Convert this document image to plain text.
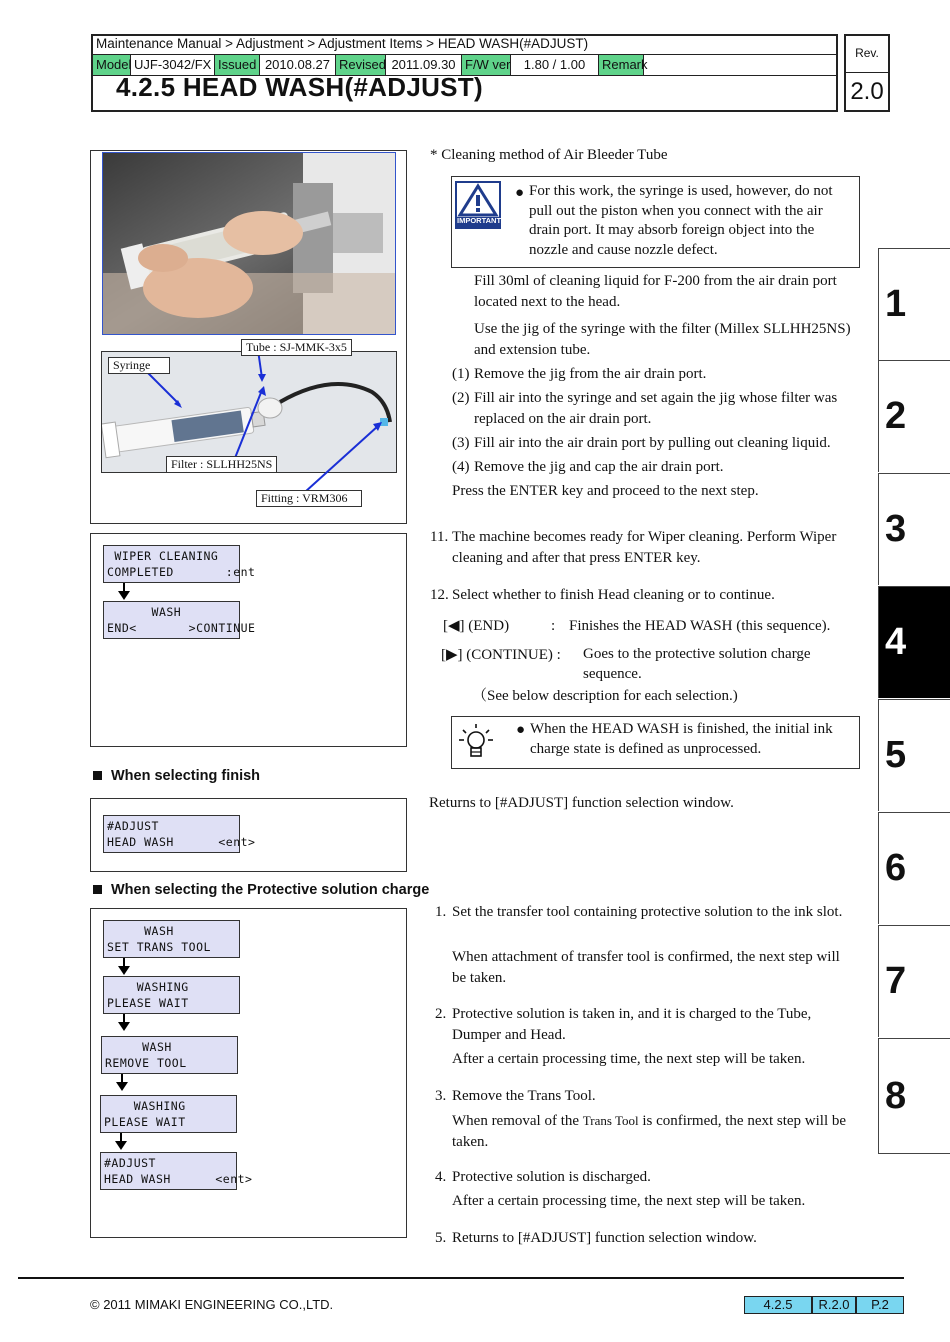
Maintenance Manual > Adjustment > Adjustment Items > HEAD WASH(#ADJUST)
Model UJF-3042/FX Issued 2010.08.27 Revised 2011.09.30 F/W ver	1.80 / 1.00	Remark
4.2.5 HEAD WASH(#ADJUST)
Rev.
2.0
1
2
3
4
5
6
7
8
Tube : SJ-MMK-3x5
Syringe
Filter : SLLHH25NS
Fitting : VRM306
WIPER CLEANING
COMPLETED       :ent
WASH
END<       >CONTINUE
When selecting finish
#ADJUST
HEAD WASH      <ent>
When selecting the Protective solution charge
WASH
SET TRANS TOOL
WASHING
PLEASE WAIT
WASH
REMOVE TOOL
WASHING
PLEASE WAIT
#ADJUST
HEAD WASH      <ent>
* Cleaning method of Air Bleeder Tube
IMPORTANT
● For this work, the syringe is used, however, do not pull out the piston when you connect with the air drain port. It may absorb foreign object into the nozzle and cause nozzle defect.
Fill 30ml of cleaning liquid for F-200 from the air drain port located next to the head.
Use the jig of the syringe with the filter (Millex SLLHH25NS) and extension tube.
(1) Remove the jig from the air drain port.
(2) Fill air into the syringe and set again the jig whose filter was replaced on the air drain port.
(3) Fill air into the air drain port by pulling out cleaning liquid.
(4) Remove the jig and cap the air drain port.
Press the ENTER key and proceed to the next step.
11. The machine becomes ready for Wiper cleaning. Perform Wiper cleaning and after that press ENTER key.
12. Select whether to finish Head cleaning or to continue.
[◀] (END)	: Finishes the HEAD WASH (this sequence).
[▶] (CONTINUE) : Goes to the protective solution charge sequence.
（See below description for each selection.)
● When the HEAD WASH is finished, the initial ink charge state is defined as unprocessed.
Returns to [#ADJUST] function selection window.
1. Set the transfer tool containing protective solution to the ink slot.
When attachment of transfer tool is confirmed, the next step will be taken.
2. Protective solution is taken in, and it is charged to the Tube, Dumper and Head.
After a certain processing time, the next step will be taken.
3. Remove the Trans Tool.
When removal of the Trans Tool is confirmed, the next step will be taken.
4. Protective solution is discharged.
After a certain processing time, the next step will be taken.
5. Returns to [#ADJUST] function selection window.
© 2011 MIMAKI ENGINEERING CO.,LTD.	4.2.5	R.2.0	P.2
